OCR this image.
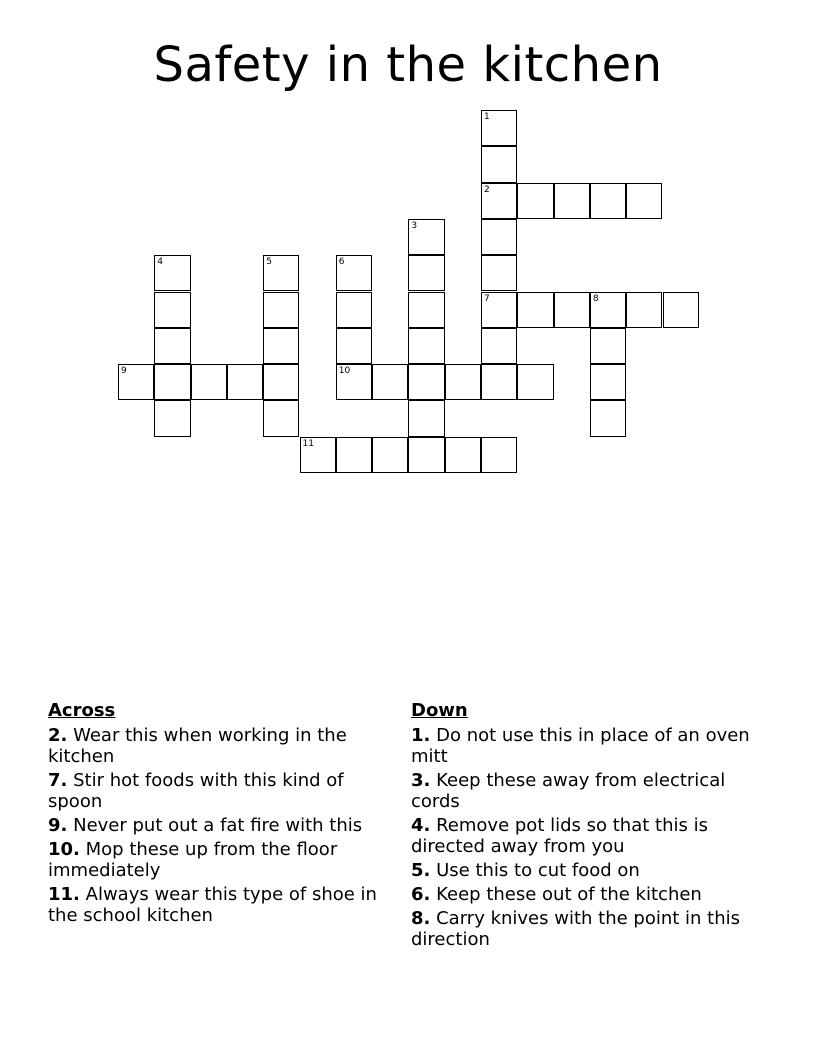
Safety in the kitchen
1
2
3
4	5	6
7	8
9	10
11
Across
2. Wear this when working in the kitchen
7. Stir hot foods with this kind of spoon
9. Never put out a fat fire with this
10. Mop these up from the floor immediately
11. Always wear this type of shoe in the school kitchen
Down
1. Do not use this in place of an oven mitt
3. Keep these away from electrical cords
4. Remove pot lids so that this is directed away from you
5. Use this to cut food on
6. Keep these out of the kitchen
8. Carry knives with the point in this direction
